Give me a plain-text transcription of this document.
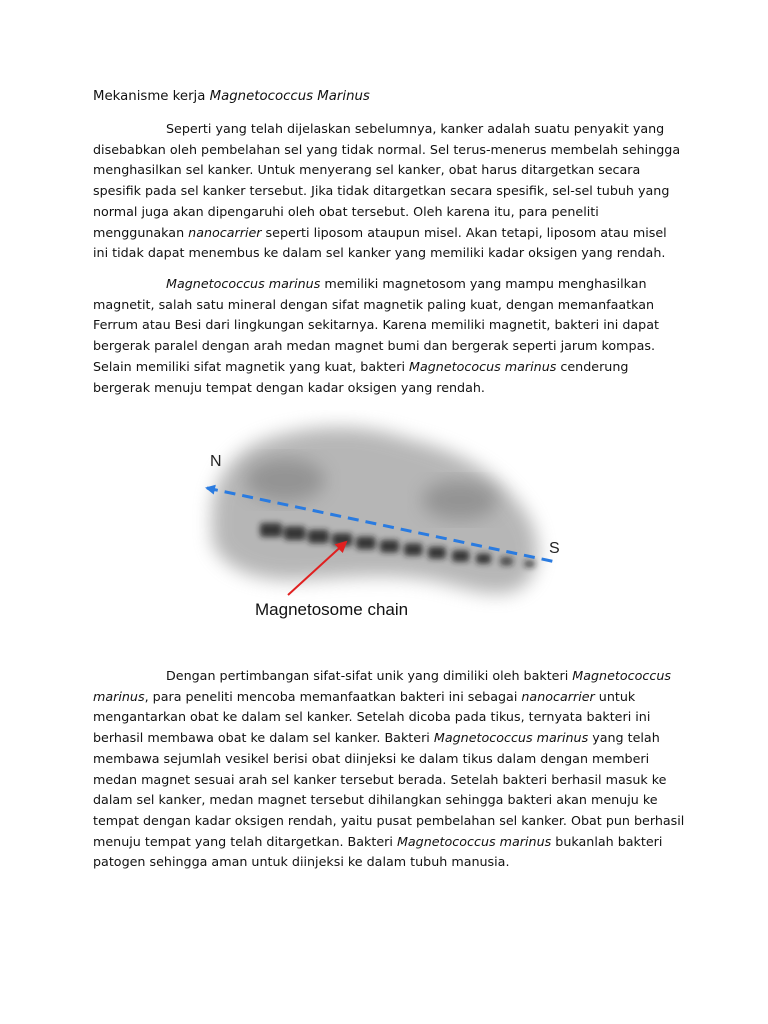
Mekanisme kerja Magnetococcus Marinus
Seperti yang telah dijelaskan sebelumnya, kanker adalah suatu penyakit yang
disebabkan oleh pembelahan sel yang tidak normal. Sel terus-menerus membelah sehingga
menghasilkan sel kanker. Untuk menyerang sel kanker, obat harus ditargetkan secara
spesifik pada sel kanker tersebut. Jika tidak ditargetkan secara spesifik, sel-sel tubuh yang
normal juga akan dipengaruhi oleh obat tersebut. Oleh karena itu, para peneliti
menggunakan nanocarrier seperti liposom ataupun misel. Akan tetapi, liposom atau misel
ini tidak dapat menembus ke dalam sel kanker yang memiliki kadar oksigen yang rendah.
Magnetococcus marinus memiliki magnetosom yang mampu menghasilkan
magnetit, salah satu mineral dengan sifat magnetik paling kuat, dengan memanfaatkan
Ferrum atau Besi dari lingkungan sekitarnya. Karena memiliki magnetit, bakteri ini dapat
bergerak paralel dengan arah medan magnet bumi dan bergerak seperti jarum kompas.
Selain memiliki sifat magnetik yang kuat, bakteri Magnetococus marinus cenderung
bergerak menuju tempat dengan kadar oksigen yang rendah.
N
S
Magnetosome chain
Dengan pertimbangan sifat-sifat unik yang dimiliki oleh bakteri Magnetococcus
marinus, para peneliti mencoba memanfaatkan bakteri ini sebagai nanocarrier untuk
mengantarkan obat ke dalam sel kanker. Setelah dicoba pada tikus, ternyata bakteri ini
berhasil membawa obat ke dalam sel kanker. Bakteri Magnetococcus marinus yang telah
membawa sejumlah vesikel berisi obat diinjeksi ke dalam tikus dalam dengan memberi
medan magnet sesuai arah sel kanker tersebut berada. Setelah bakteri berhasil masuk ke
dalam sel kanker, medan magnet tersebut dihilangkan sehingga bakteri akan menuju ke
tempat dengan kadar oksigen rendah, yaitu pusat pembelahan sel kanker. Obat pun berhasil
menuju tempat yang telah ditargetkan. Bakteri Magnetococcus marinus bukanlah bakteri
patogen sehingga aman untuk diinjeksi ke dalam tubuh manusia.
